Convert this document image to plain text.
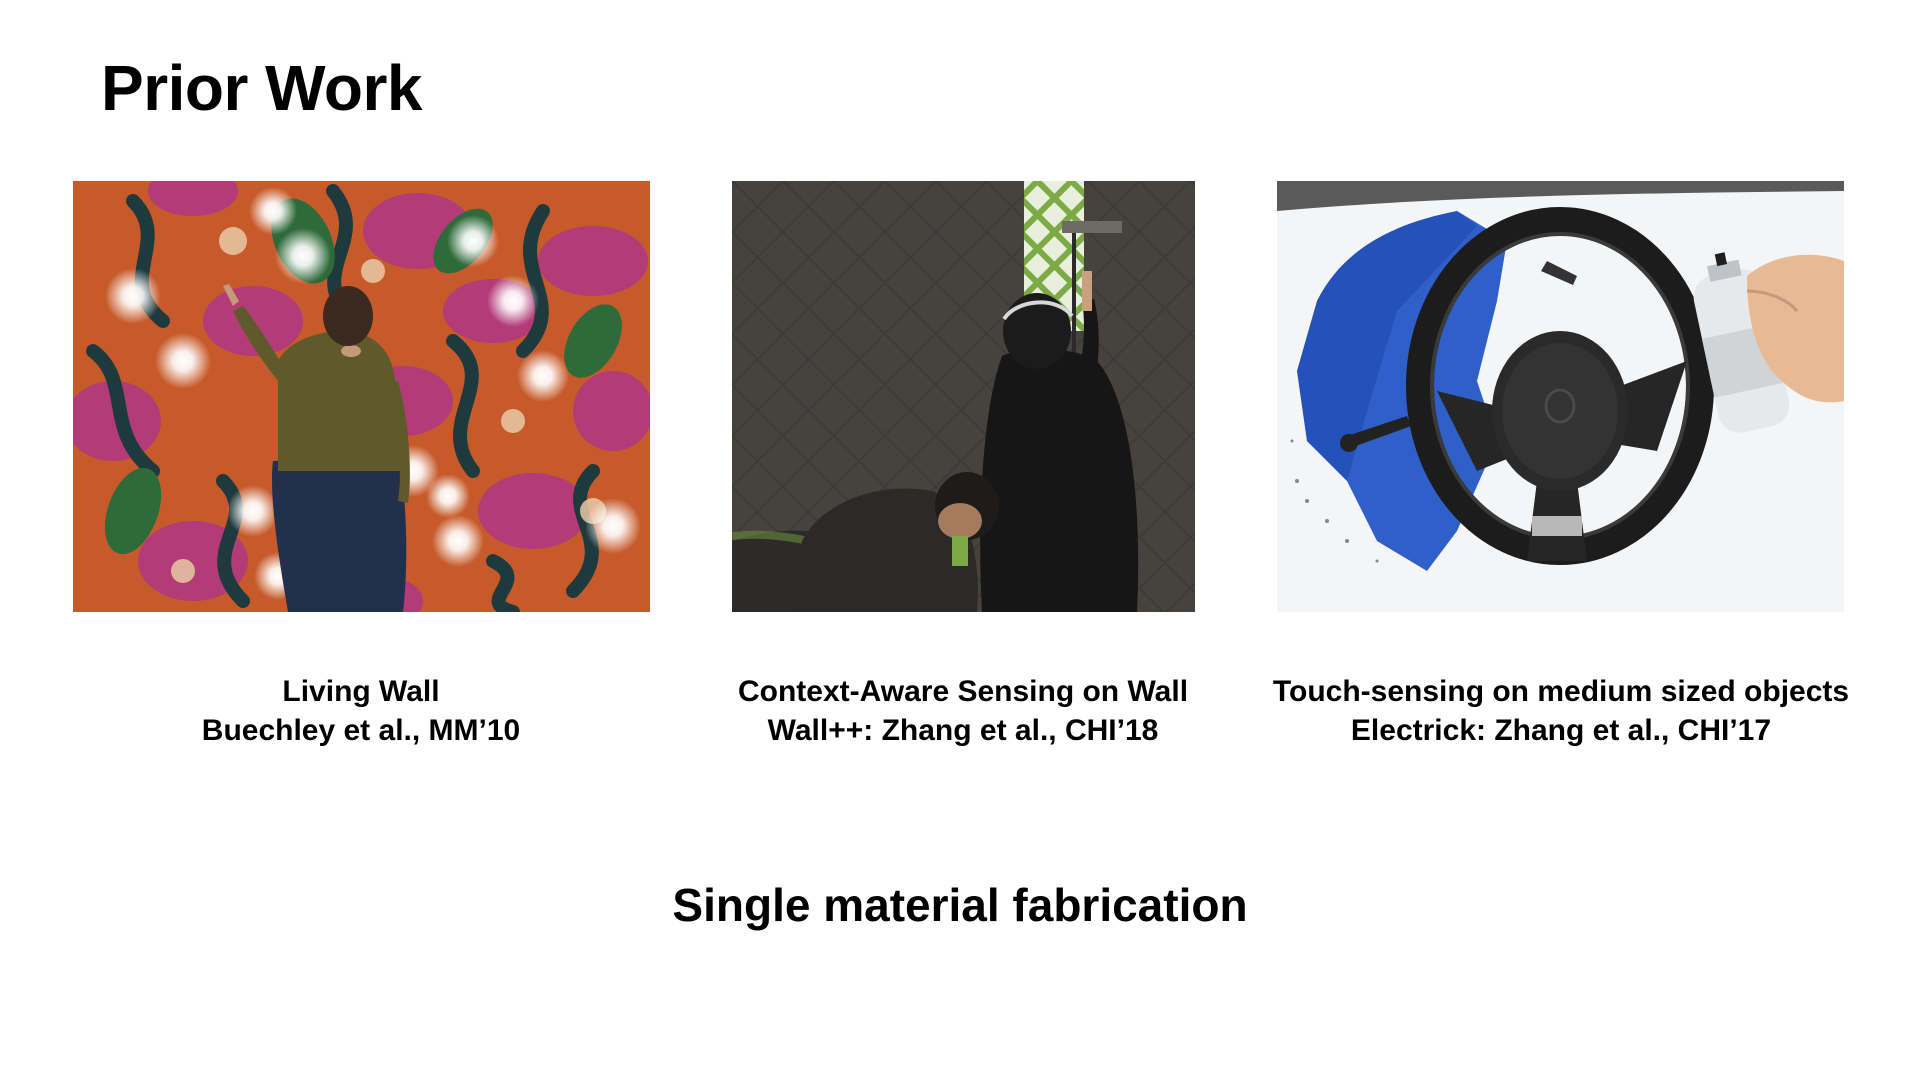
Prior Work
Living Wall
Buechley et al., MM’10
Context-Aware Sensing on Wall
Wall++: Zhang et al., CHI’18
Touch-sensing on medium sized objects
Electrick: Zhang et al., CHI’17
Single material fabrication
